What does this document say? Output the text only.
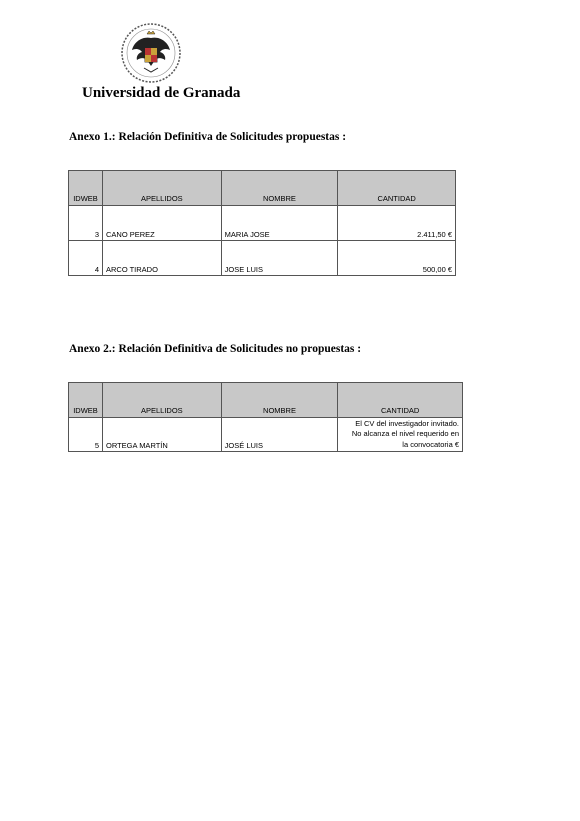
Universidad de Granada
Anexo 1.: Relación Definitiva de Solicitudes propuestas :
IDWEB	APELLIDOS	NOMBRE	CANTIDAD
3	CANO PEREZ	MARIA JOSE	2.411,50 €
4	ARCO TIRADO	JOSE LUIS	500,00 €
Anexo 2.: Relación Definitiva de Solicitudes no propuestas :
IDWEB	APELLIDOS	NOMBRE	CANTIDAD
5	ORTEGA MARTÍN	JOSÉ LUIS	El CV del investigador invitado.
No alcanza el nivel requerido en
la convocatoria €
